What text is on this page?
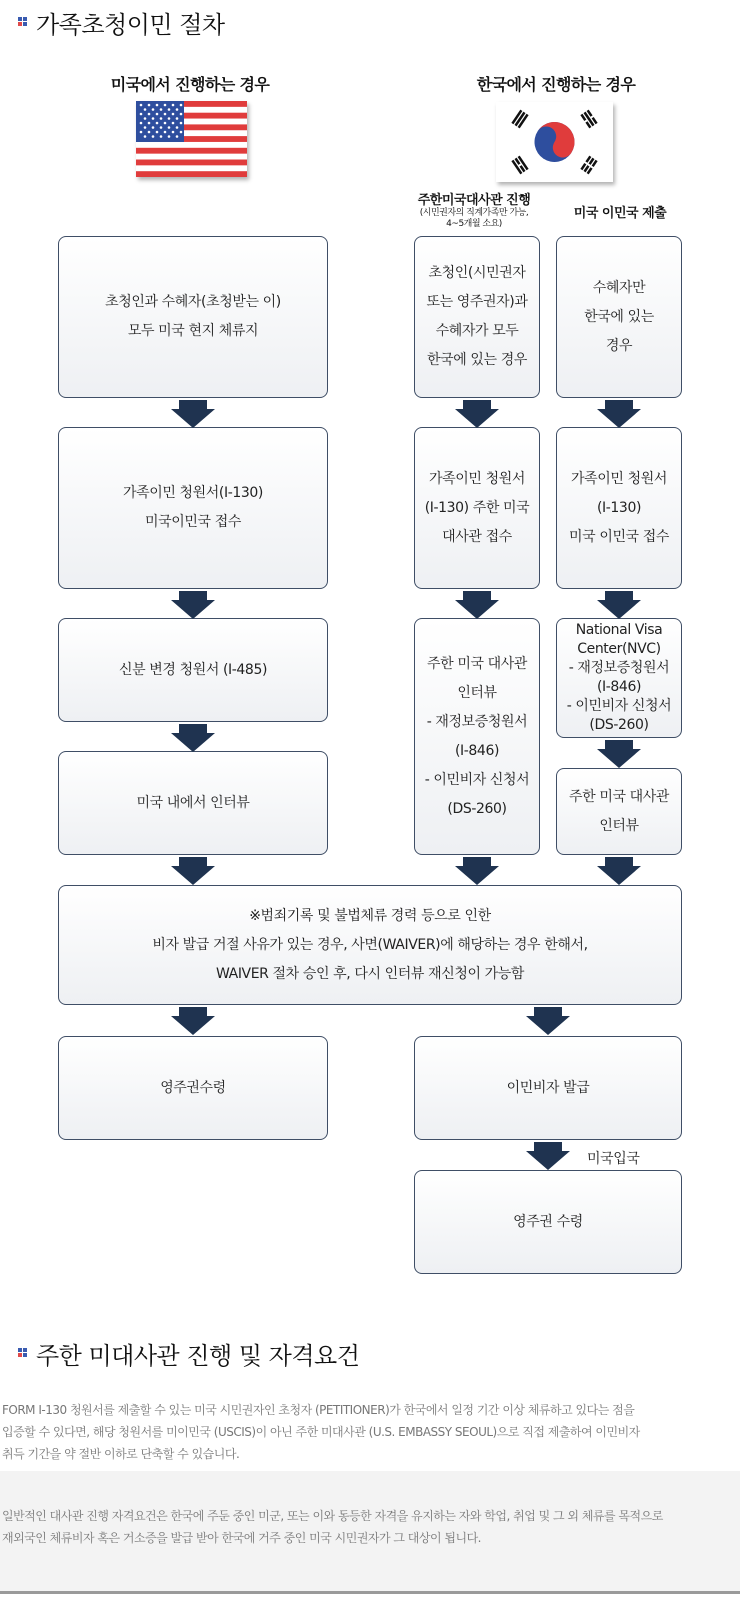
가족초청이민 절차
미국에서 진행하는 경우	한국에서 진행하는 경우
주한미국대사관 진행
(시민권자의 직계가족만 가능,
4~5개월 소요)
미국 이민국 제출
초청인과 수혜자(초청받는 이)
모두 미국 현지 체류지
가족이민 청원서(I-130)
미국이민국 접수
신분 변경 청원서 (I-485)
미국 내에서 인터뷰
초청인(시민권자
또는 영주권자)과
수혜자가 모두
한국에 있는 경우
가족이민 청원서
(I-130) 주한 미국
대사관 접수
주한 미국 대사관
인터뷰
- 재정보증청원서
(I-846)
- 이민비자 신청서
(DS-260)
수혜자만
한국에 있는
경우
가족이민 청원서
(I-130)
미국 이민국 접수
National Visa
Center(NVC)
- 재정보증청원서
(I-846)
- 이민비자 신청서
(DS-260)
주한 미국 대사관
인터뷰
※범죄기록 및 불법체류 경력 등으로 인한
비자 발급 거절 사유가 있는 경우, 사면(WAIVER)에 해당하는 경우 한해서,
WAIVER 절차 승인 후, 다시 인터뷰 재신청이 가능함
영주권수령	이민비자 발급
영주권 수령
미국입국
주한 미대사관 진행 및 자격요건
FORM I-130 청원서를 제출할 수 있는 미국 시민권자인 초청자 (PETITIONER)가 한국에서 일정 기간 이상 체류하고 있다는 점을
입증할 수 있다면, 해당 청원서를 미이민국 (USCIS)이 아닌 주한 미대사관 (U.S. EMBASSY SEOUL)으로 직접 제출하여 이민비자
취득 기간을 약 절반 이하로 단축할 수 있습니다.
일반적인 대사관 진행 자격요건은 한국에 주둔 중인 미군, 또는 이와 동등한 자격을 유지하는 자와 학업, 취업 및 그 외 체류를 목적으로
재외국인 체류비자 혹은 거소증을 발급 받아 한국에 거주 중인 미국 시민권자가 그 대상이 됩니다.
